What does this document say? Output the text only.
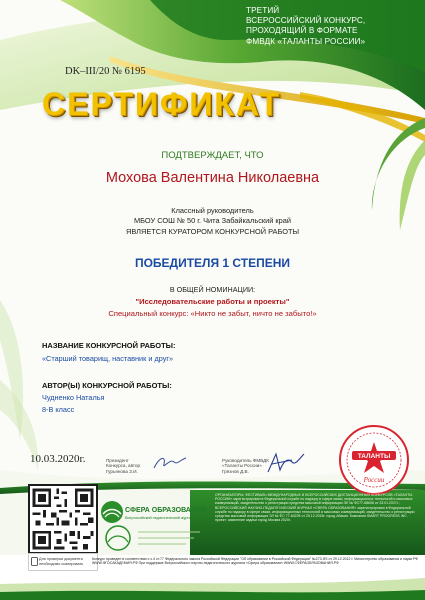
ТРЕТИЙ
ВСЕРОССИЙСКИЙ КОНКУРС,
ПРОХОДЯЩИЙ В ФОРМАТЕ
ФМВДК «ТАЛАНТЫ РОССИИ»
DK–III/20 № 6195
СЕРТИФИКАТ
ПОДТВЕРЖДАЕТ, ЧТО
Мохова Валентина Николаевна
Классный руководитель
МБОУ СОШ № 50 г. Чита Забайкальский край
ЯВЛЯЕТСЯ КУРАТОРОМ КОНКУРСНОЙ РАБОТЫ
ПОБЕДИТЕЛЯ 1 СТЕПЕНИ
В ОБЩЕЙ НОМИНАЦИИ:
"Исследовательские работы и проекты"
Специальный конкурс: «Никто не забыт, ничто не забыто!»
НАЗВАНИЕ КОНКУРСНОЙ РАБОТЫ:
«Старший товарищ, наставник и друг»
АВТОР(Ы) КОНКУРСНОЙ РАБОТЫ:
Чудненко Наталья
8-В класс
10.03.2020г.	Президент
Конкурса, автор
Гурьянова З.И.
Руководитель ФМВДК
«Таланты России»
Грязнов Д.В.
ТАЛАНТЫ
России
Для проверки документа
необходимо сканировать
СФЕРА ОБРАЗОВАНИЯ
Всероссийский педагогический журнал
ОРГАНИЗАТОРЫ: ФЕСТИВАЛЬ МЕЖДУНАРОДНЫХ И ВСЕРОССИЙСКИХ ДИСТАНЦИОННЫХ КОНКУРСОВ «ТАЛАНТЫ РОССИИ» зарегистрирован в Федеральной службе по надзору в сфере связи, информационных технологий и массовых коммуникаций, свидетельство о регистрации средства массовой информации ЭЛ № ФС77-68606 от 23.01.2017г.; ВСЕРОССИЙСКИЙ НАУЧНО-ПЕДАГОГИЧЕСКИЙ ЖУРНАЛ «СФЕРА ОБРАЗОВАНИЯ» зарегистрирован в Федеральной службе по надзору в сфере связи, информационных технологий и массовых коммуникаций, свидетельство о регистрации средства массовой информации ЭЛ № ФС 77-64225 от 25.12.2015г. город Абакан. Компания SMART PROGRESS INC. проект: заявление задачи город Москва 2020г.
Конкурс проведен в соответствии с ч.4 ст.77 Федерального закона Российской Федерации "Об образовании в Российской Федерации" №273-ФЗ от 29.12.2012 г. Министерство образования и науки РФ WWW.ФГОСАКАДЕМИЯ.РФ При поддержке Всероссийского научно-педагогического журнала «Сфера образования» WWW.СФЕРАОБРАЗОВАНИЯ.РФ
